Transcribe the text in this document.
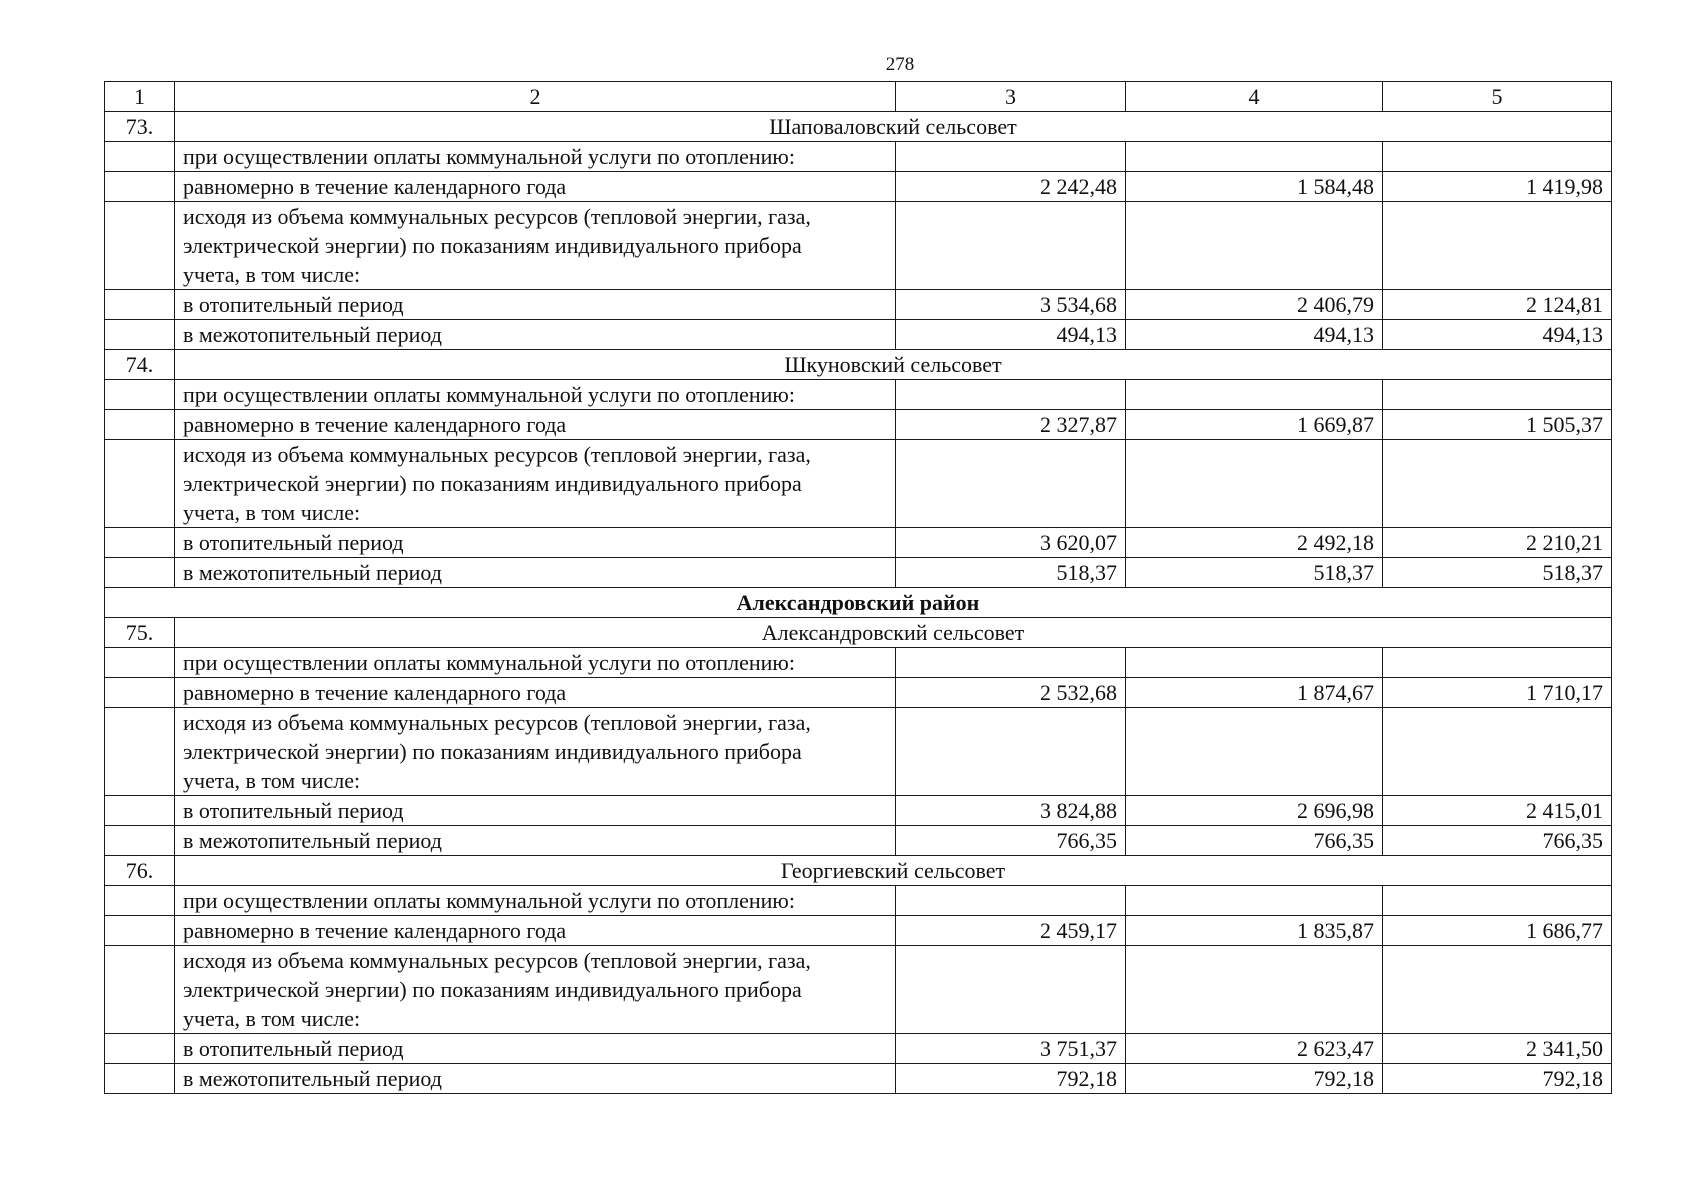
278
1	2	3	4	5
73.	Шаповаловский сельсовет			
	при осуществлении оплаты коммунальной услуги по отоплению:			
	равномерно в течение календарного года	2 242,48	1 584,48	1 419,98

	исходя из объема коммунальных ресурсов (тепловой энергии, газа,
электрической энергии) по показаниям индивидуального прибора
учета, в том числе:			

	в отопительный период	3 534,68	2 406,79	2 124,81
	в межотопительный период	494,13	494,13	494,13
74.	Шкуновский сельсовет			
	при осуществлении оплаты коммунальной услуги по отоплению:			
	равномерно в течение календарного года	2 327,87	1 669,87	1 505,37

	исходя из объема коммунальных ресурсов (тепловой энергии, газа,
электрической энергии) по показаниям индивидуального прибора
учета, в том числе:			

	в отопительный период	3 620,07	2 492,18	2 210,21
	в межотопительный период	518,37	518,37	518,37
Александровский район				
75.	Александровский сельсовет			
	при осуществлении оплаты коммунальной услуги по отоплению:			
	равномерно в течение календарного года	2 532,68	1 874,67	1 710,17

	исходя из объема коммунальных ресурсов (тепловой энергии, газа,
электрической энергии) по показаниям индивидуального прибора
учета, в том числе:			

	в отопительный период	3 824,88	2 696,98	2 415,01
	в межотопительный период	766,35	766,35	766,35
76.	Георгиевский сельсовет			
	при осуществлении оплаты коммунальной услуги по отоплению:			
	равномерно в течение календарного года	2 459,17	1 835,87	1 686,77

	исходя из объема коммунальных ресурсов (тепловой энергии, газа,
электрической энергии) по показаниям индивидуального прибора
учета, в том числе:			

	в отопительный период	3 751,37	2 623,47	2 341,50
	в межотопительный период	792,18	792,18	792,18
